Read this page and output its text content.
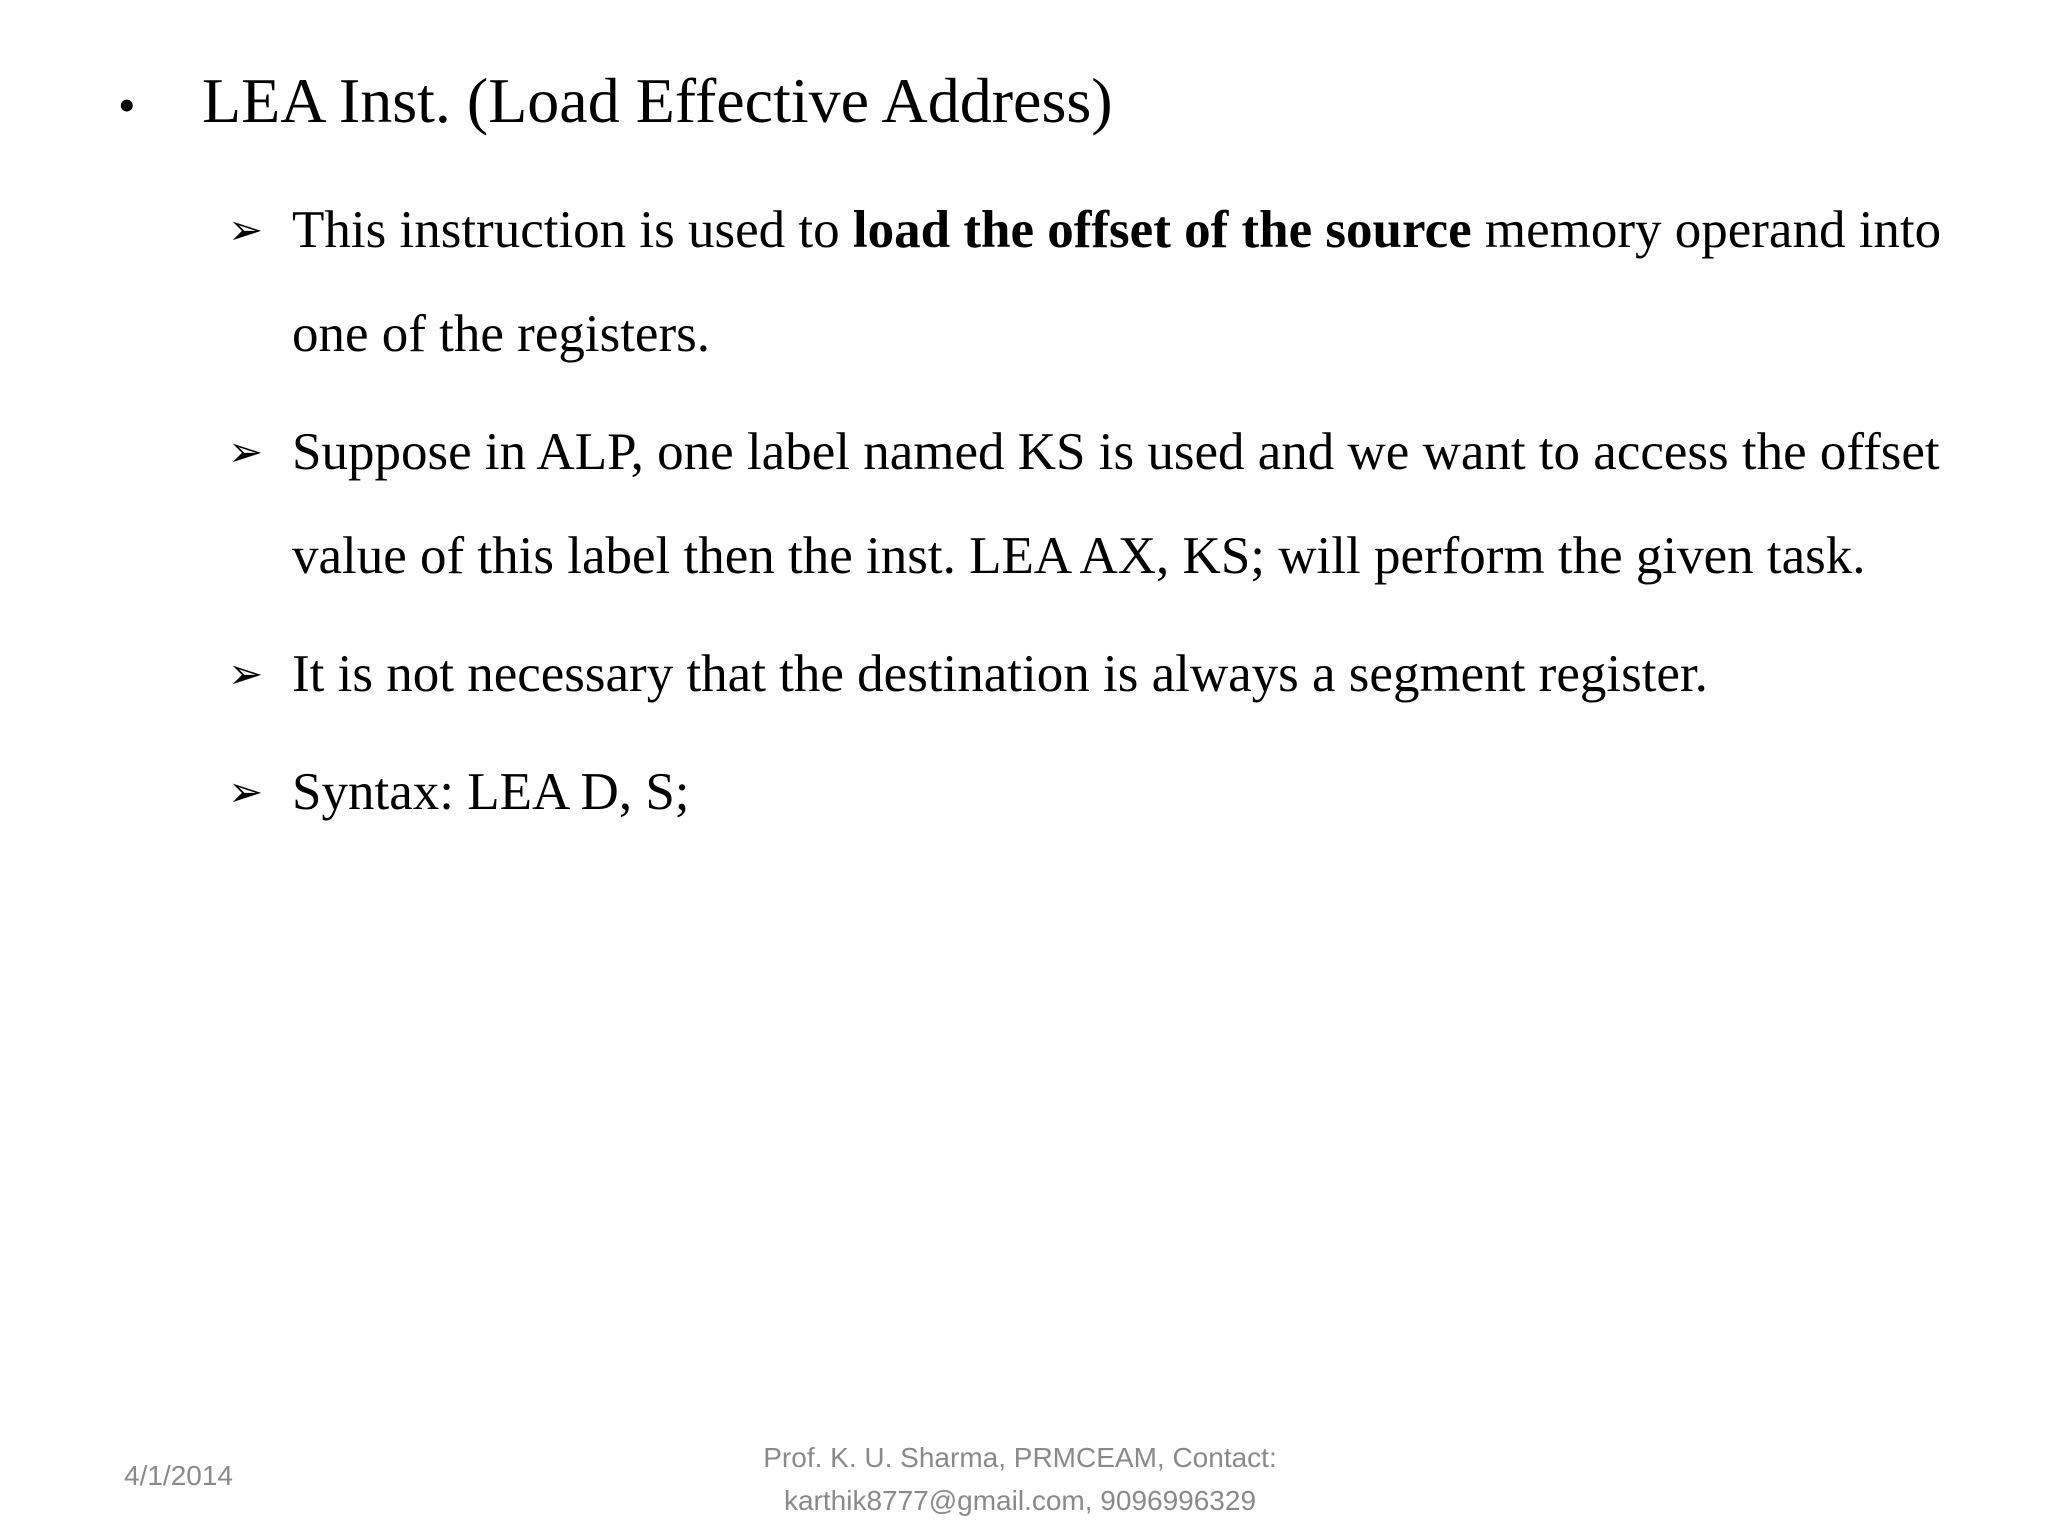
•	LEA Inst. (Load Effective Address)
➢ This instruction is used to load the offset of the source memory operand into one of the registers.
➢ Suppose in ALP, one label named KS is used and we want to access the offset value of this label then the inst. LEA AX, KS; will perform the given task.
➢ It is not necessary that the destination is always a segment register.
➢ Syntax: LEA D, S;
4/1/2014
Prof. K. U. Sharma, PRMCEAM, Contact:
karthik8777@gmail.com, 9096996329
